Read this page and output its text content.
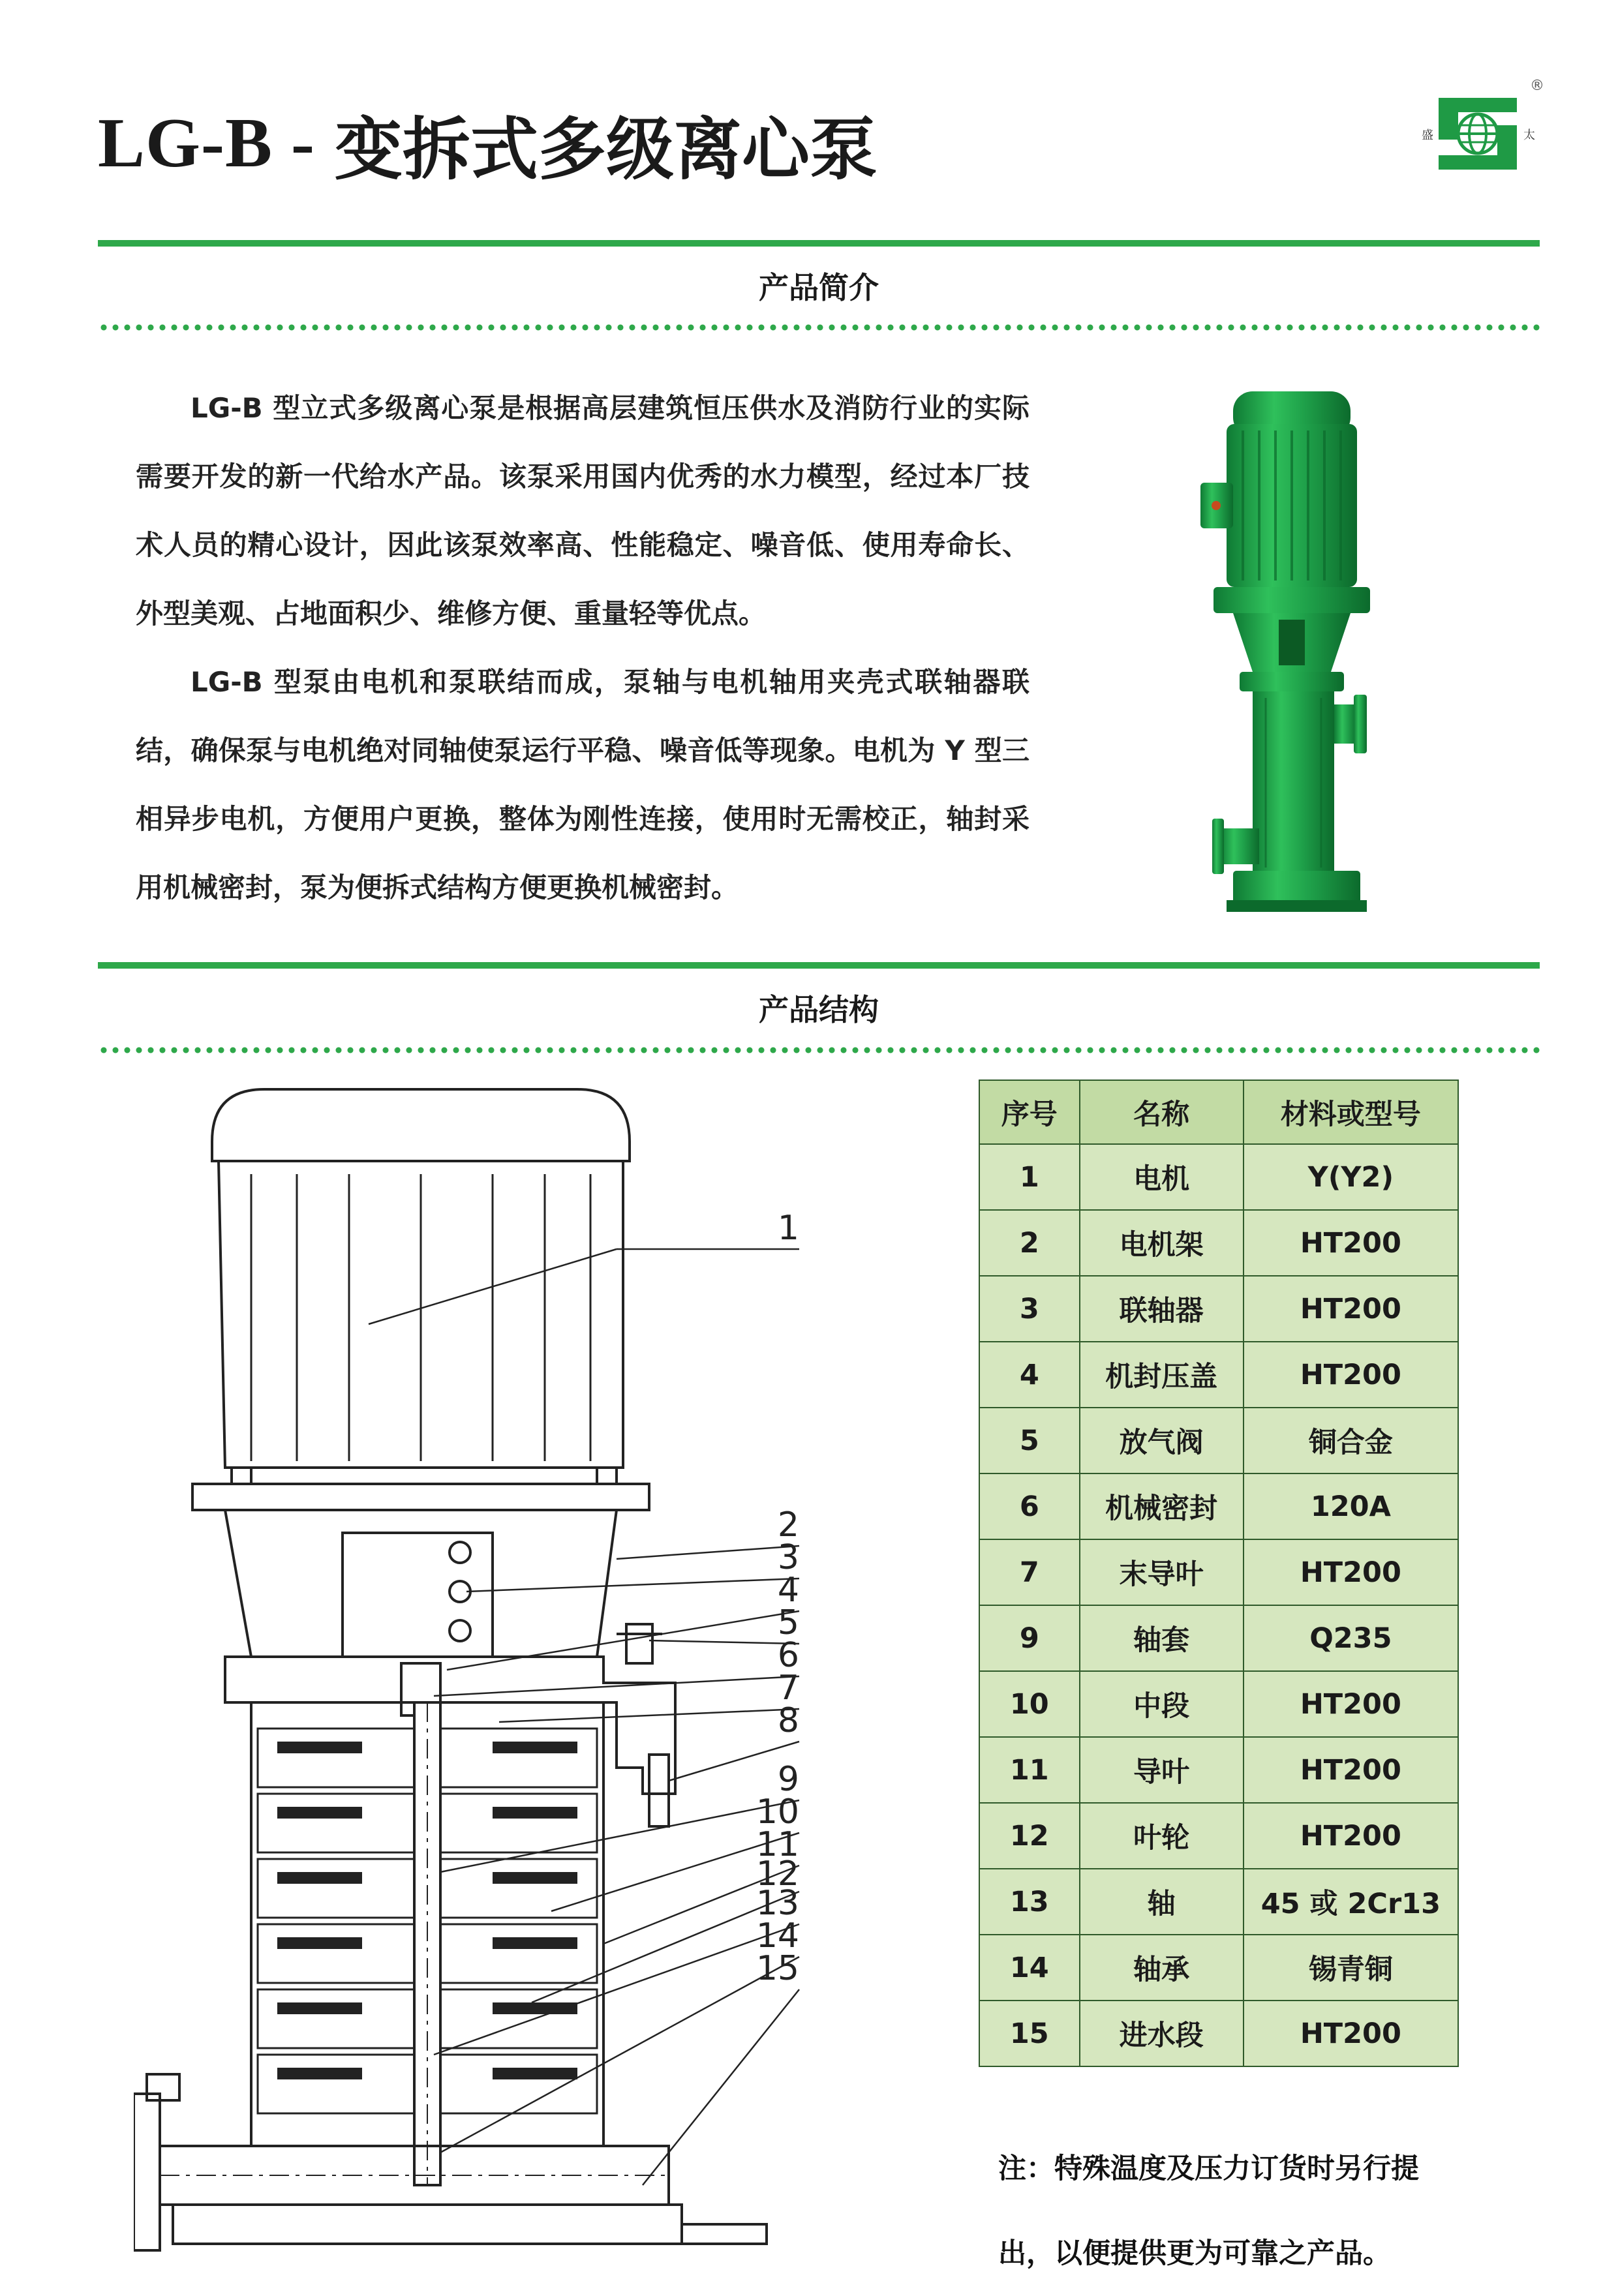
LG-B - 变拆式多级离心泵
®
盛	太
产品简介

LG-B 型立式多级离心泵是根据高层建筑恒压供水及消防行业的实际需要开发的新一代给水产品。该泵采用国内优秀的水力模型，经过本厂技术人员的精心设计，因此该泵效率高、性能稳定、噪音低、使用寿命长、外型美观、占地面积少、维修方便、重量轻等优点。

LG-B 型泵由电机和泵联结而成，泵轴与电机轴用夹壳式联轴器联结，确保泵与电机绝对同轴使泵运行平稳、噪音低等现象。电机为 Y 型三相异步电机，方便用户更换，整体为刚性连接，使用时无需校正，轴封采用机械密封，泵为便拆式结构方便更换机械密封。

产品结构
1
2
3
4
5
6
7
8
9
10
11
12
13
14
15
序号	名称	材料或型号
1	电机	Y(Y2)
2	电机架	HT200
3	联轴器	HT200
4	机封压盖	HT200
5	放气阀	铜合金
6	机械密封	120A
7	末导叶	HT200
9	轴套	Q235
10	中段	HT200
11	导叶	HT200
12	叶轮	HT200
13	轴	45 或 2Cr13
14	轴承	锡青铜
15	进水段	HT200

注：特殊温度及压力订货时另行提

出，以便提供更为可靠之产品。
